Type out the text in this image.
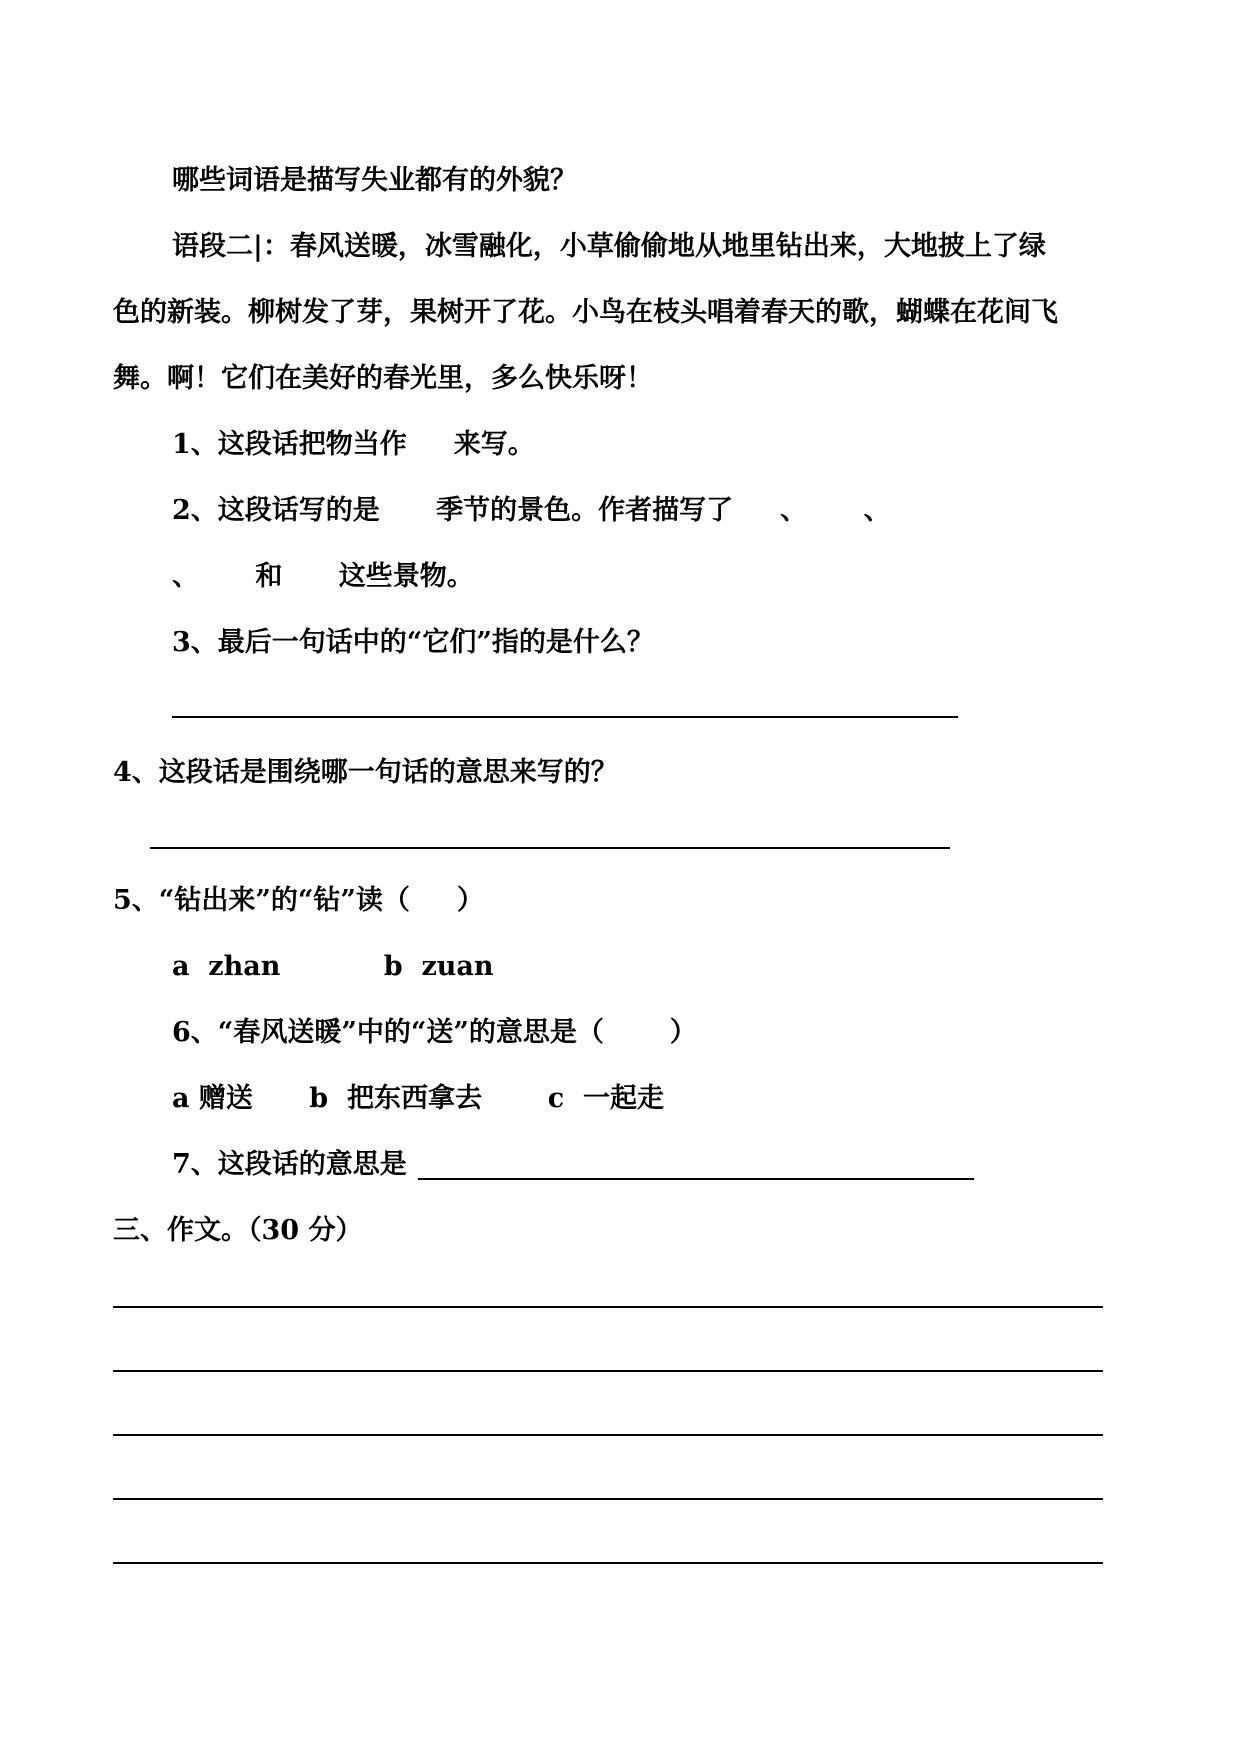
哪些词语是描写失业都有的外貌？
语段二|：春风送暖，冰雪融化，小草偷偷地从地里钻出来，大地披上了绿
色的新装。柳树发了芽，果树开了花。小鸟在枝头唱着春天的歌，蝴蝶在花间飞
舞。啊！它们在美好的春光里，多么快乐呀！
1、这段话把物当作     来写。
2、这段话写的是      季节的景色。作者描写了     、      、
、      和      这些景物。
3、最后一句话中的“它们”指的是什么？
4、这段话是围绕哪一句话的意思来写的？
5、“钻出来”的“钻”读（     ）
a  zhan           b  zuan
6、“春风送暖”中的“送”的意思是（       ）
a 赠送      b  把东西拿去       c  一起走
7、这段话的意思是
三、作文。（30 分）
